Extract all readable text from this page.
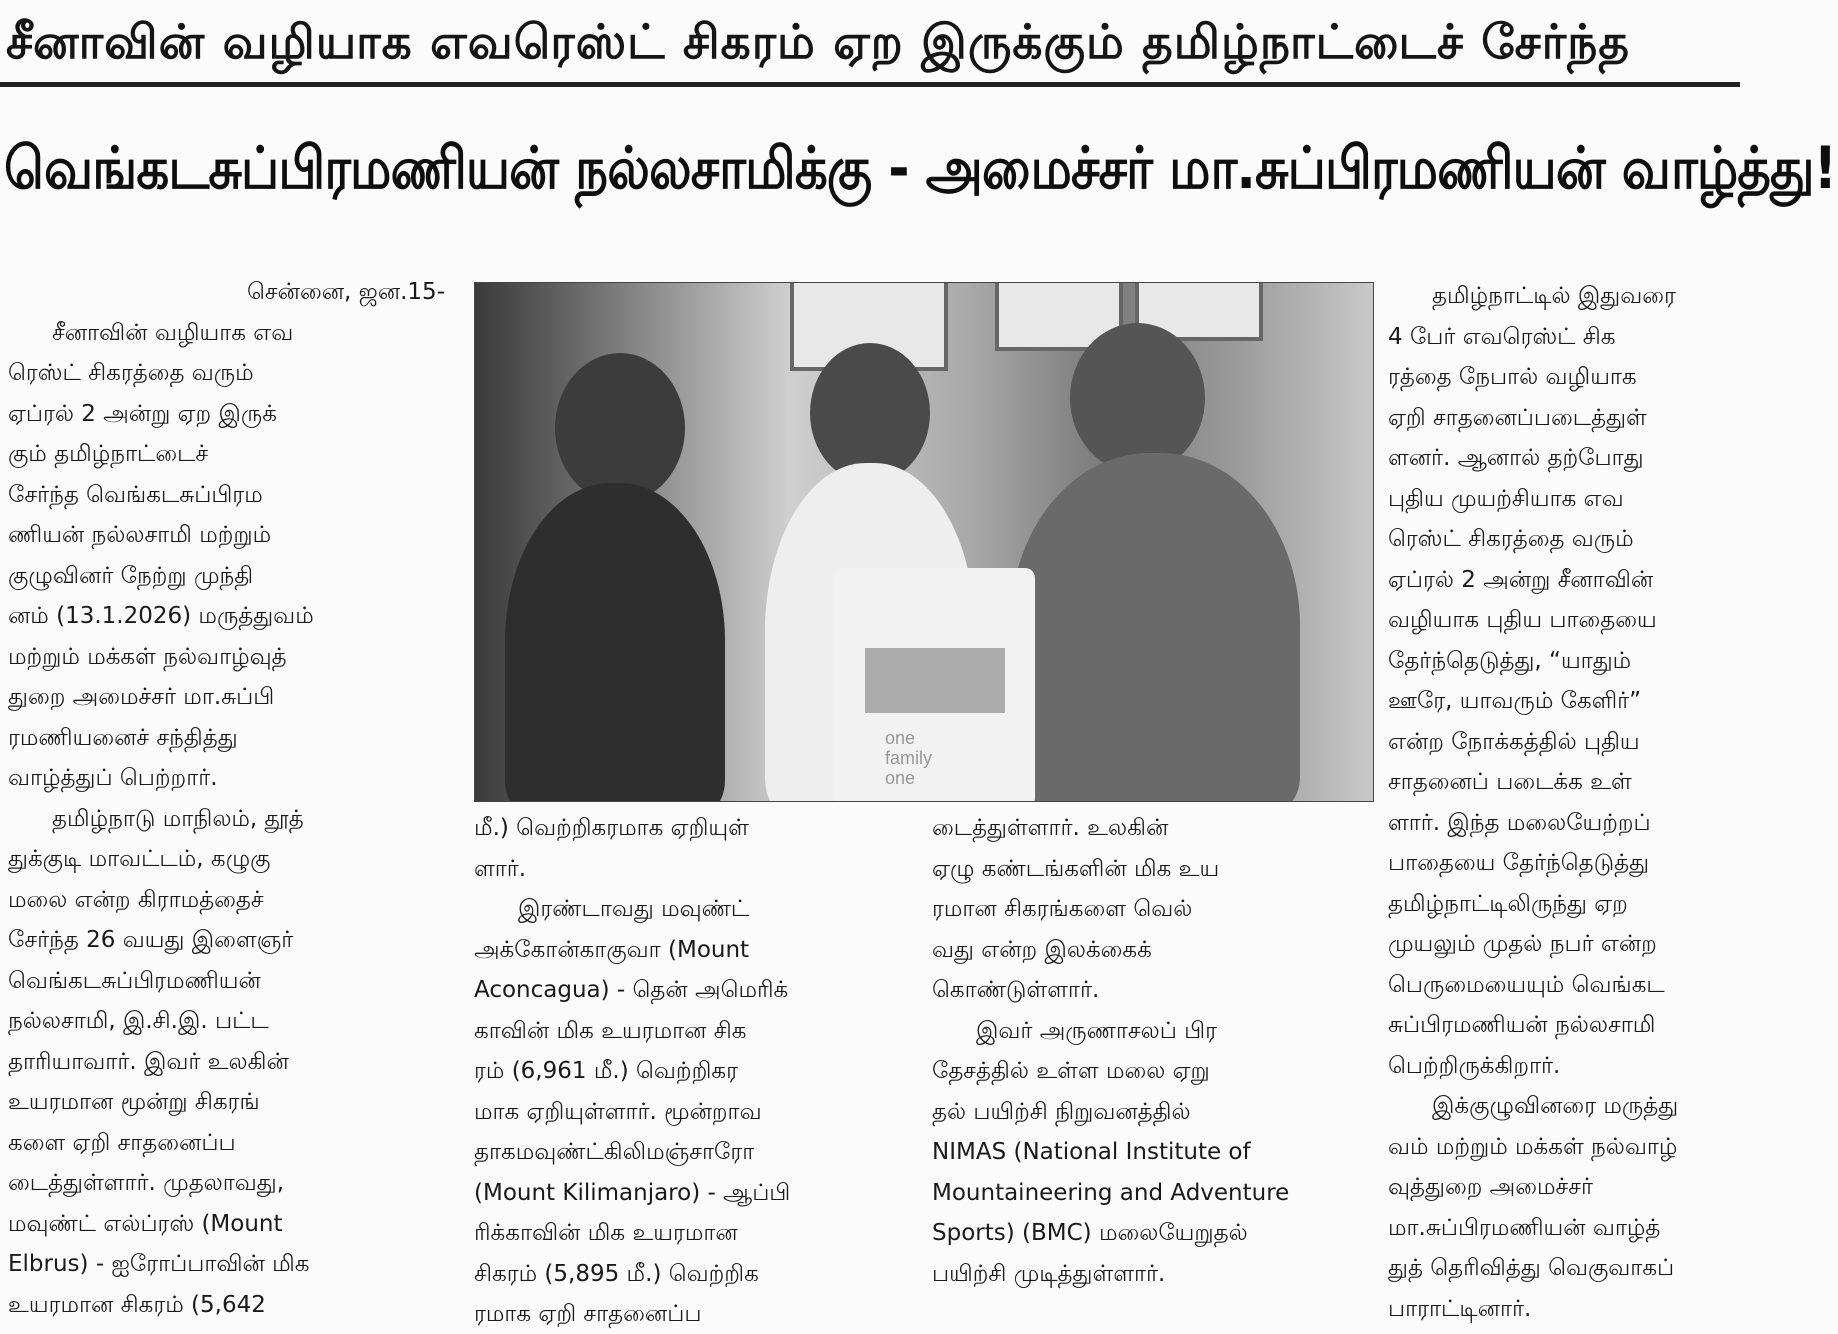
சீனாவின் வழியாக எவரெஸ்ட் சிகரம் ஏற இருக்கும் தமிழ்நாட்டைச் சேர்ந்த
வெங்கடசுப்பிரமணியன் நல்லசாமிக்கு - அமைச்சர் மா.சுப்பிரமணியன் வாழ்த்து!
one
family
one
சென்னை, ஜன.15-
சீனாவின் வழியாக எவ
ரெஸ்ட் சிகரத்தை வரும்
ஏப்ரல் 2 அன்று ஏற இருக்
கும் தமிழ்நாட்டைச்
சேர்ந்த வெங்கடசுப்பிரம
ணியன் நல்லசாமி மற்றும்
குழுவினர் நேற்று முந்தி
னம் (13.1.2026) மருத்துவம்
மற்றும் மக்கள் நல்வாழ்வுத்
துறை அமைச்சர் மா.சுப்பி
ரமணியனைச் சந்தித்து
வாழ்த்துப் பெற்றார்.
தமிழ்நாடு மாநிலம், தூத்
துக்குடி மாவட்டம், கழுகு
மலை என்ற கிராமத்தைச்
சேர்ந்த 26 வயது இளைஞர்
வெங்கடசுப்பிரமணியன்
நல்லசாமி, இ.சி.இ. பட்ட
தாரியாவார். இவர் உலகின்
உயரமான மூன்று சிகரங்
களை ஏறி சாதனைப்ப
டைத்துள்ளார். முதலாவது,
மவுண்ட் எல்ப்ரஸ் (Mount
Elbrus) - ஐரோப்பாவின் மிக
உயரமான சிகரம் (5,642
மீ.) வெற்றிகரமாக ஏறியுள்
ளார்.
இரண்டாவது மவுண்ட்
அக்கோன்காகுவா (Mount
Aconcagua) - தென் அமெரிக்
காவின் மிக உயரமான சிக
ரம் (6,961 மீ.) வெற்றிகர
மாக ஏறியுள்ளார். மூன்றாவ
தாகமவுண்ட்கிலிமஞ்சாரோ
(Mount Kilimanjaro) - ஆப்பி
ரிக்காவின் மிக உயரமான
சிகரம் (5,895 மீ.) வெற்றிக
ரமாக ஏறி சாதனைப்ப
டைத்துள்ளார். உலகின்
ஏழு கண்டங்களின் மிக உய
ரமான சிகரங்களை வெல்
வது என்ற இலக்கைக்
கொண்டுள்ளார்.
இவர் அருணாசலப் பிர
தேசத்தில் உள்ள மலை ஏறு
தல் பயிற்சி நிறுவனத்தில்
NIMAS (National Institute of
Mountaineering and Adventure
Sports) (BMC) மலையேறுதல்
பயிற்சி முடித்துள்ளார்.
தமிழ்நாட்டில் இதுவரை
4 பேர் எவரெஸ்ட் சிக
ரத்தை நேபால் வழியாக
ஏறி சாதனைப்படைத்துள்
ளனர். ஆனால் தற்போது
புதிய முயற்சியாக எவ
ரெஸ்ட் சிகரத்தை வரும்
ஏப்ரல் 2 அன்று சீனாவின்
வழியாக புதிய பாதையை
தேர்ந்தெடுத்து, “யாதும்
ஊரே, யாவரும் கேளிர்”
என்ற நோக்கத்தில் புதிய
சாதனைப் படைக்க உள்
ளார். இந்த மலையேற்றப்
பாதையை தேர்ந்தெடுத்து
தமிழ்நாட்டிலிருந்து ஏற
முயலும் முதல் நபர் என்ற
பெருமையையும் வெங்கட
சுப்பிரமணியன் நல்லசாமி
பெற்றிருக்கிறார்.
இக்குழுவினரை மருத்து
வம் மற்றும் மக்கள் நல்வாழ்
வுத்துறை அமைச்சர்
மா.சுப்பிரமணியன் வாழ்த்
துத் தெரிவித்து வெகுவாகப்
பாராட்டினார்.
